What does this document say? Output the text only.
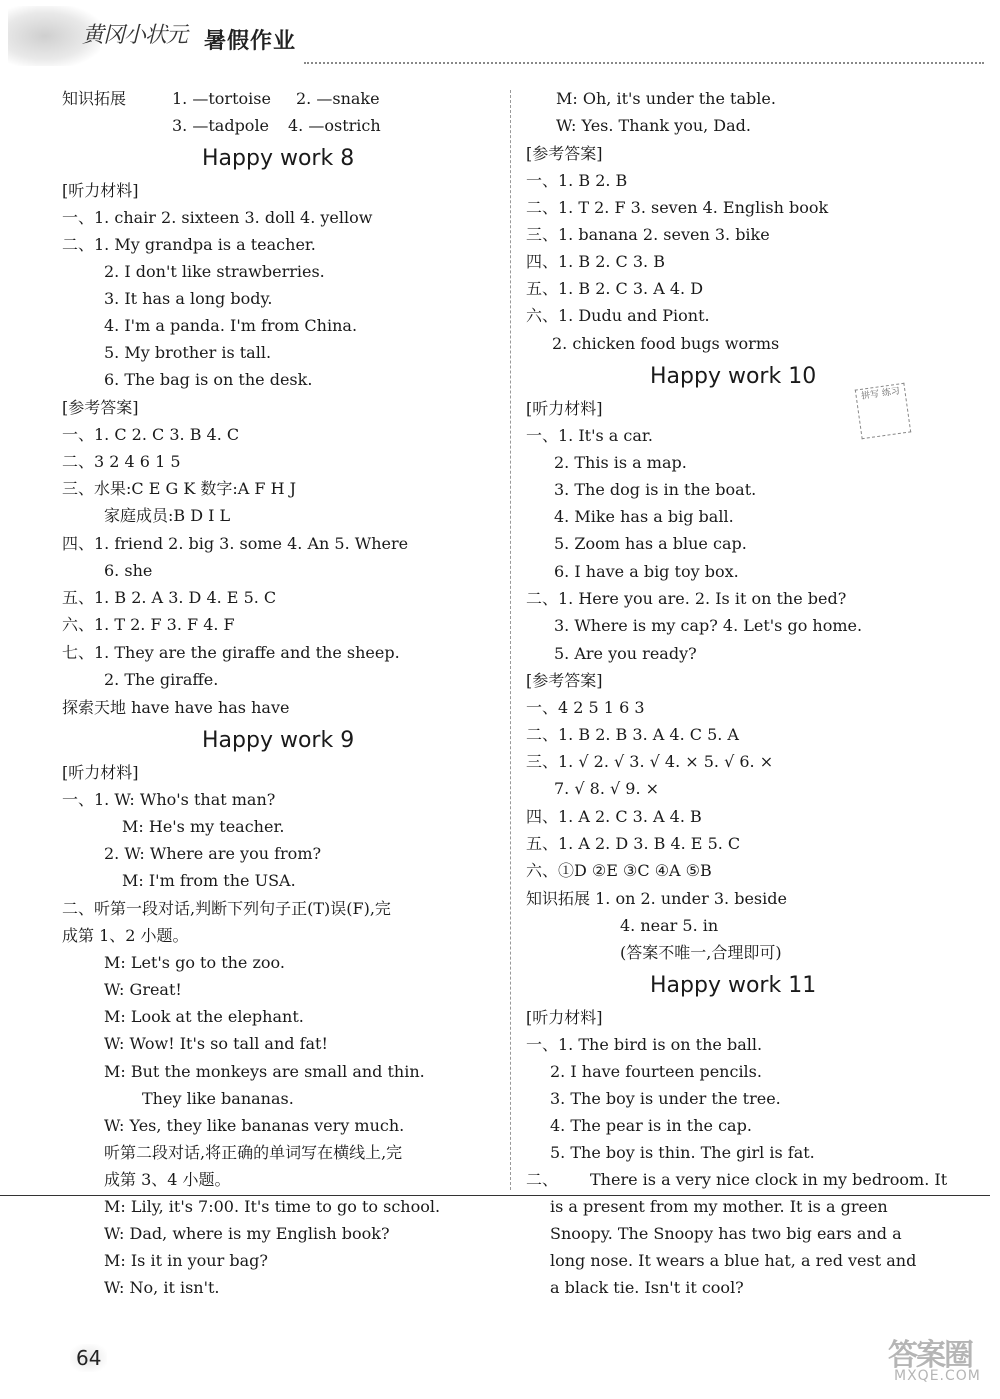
黄冈小状元 暑假作业
知识拓展	1. —tortoise 2. —snake
3. —tadpole 4. —ostrich
Happy work 8
[听力材料]
一、1. chair 2. sixteen 3. doll 4. yellow
二、1. My grandpa is a teacher.
2. I don't like strawberries.
3. It has a long body.
4. I'm a panda. I'm from China.
5. My brother is tall.
6. The bag is on the desk.
[参考答案]
一、1. C 2. C 3. B 4. C
二、3 2 4 6 1 5
三、水果:C E G K 数字:A F H J
家庭成员:B D I L
四、1. friend 2. big 3. some 4. An 5. Where
6. she
五、1. B 2. A 3. D 4. E 5. C
六、1. T 2. F 3. F 4. F
七、1. They are the giraffe and the sheep.
2. The giraffe.
探索天地 have have has have
Happy work 9
[听力材料]
一、1. W: Who's that man?
M: He's my teacher.
2. W: Where are you from?
M: I'm from the USA.
二、听第一段对话,判断下列句子正(T)误(F),完
成第 1、2 小题。
M: Let's go to the zoo.
W: Great!
M: Look at the elephant.
W: Wow! It's so tall and fat!
M: But the monkeys are small and thin.
They like bananas.
W: Yes, they like bananas very much.
听第二段对话,将正确的单词写在横线上,完
成第 3、4 小题。
M: Lily, it's 7:00. It's time to go to school.
W: Dad, where is my English book?
M: Is it in your bag?
W: No, it isn't.
M: Oh, it's under the table.
W: Yes. Thank you, Dad.
[参考答案]
一、1. B 2. B
二、1. T 2. F 3. seven 4. English book
三、1. banana 2. seven 3. bike
四、1. B 2. C 3. B
五、1. B 2. C 3. A 4. D
六、1. Dudu and Piont.
2. chicken food bugs worms
Happy work 10
拼写 练习
[听力材料]
一、1. It's a car.
2. This is a map.
3. The dog is in the boat.
4. Mike has a big ball.
5. Zoom has a blue cap.
6. I have a big toy box.
二、1. Here you are. 2. Is it on the bed?
3. Where is my cap? 4. Let's go home.
5. Are you ready?
[参考答案]
一、4 2 5 1 6 3
二、1. B 2. B 3. A 4. C 5. A
三、1. √ 2. √ 3. √ 4. × 5. √ 6. ×
7. √ 8. √ 9. ×
四、1. A 2. C 3. A 4. B
五、1. A 2. D 3. B 4. E 5. C
六、①D ②E ③C ④A ⑤B
知识拓展 1. on 2. under 3. beside
4. near 5. in
(答案不唯一,合理即可)
Happy work 11
[听力材料]
一、1. The bird is on the ball.
2. I have fourteen pencils.
3. The boy is under the tree.
4. The pear is in the cap.
5. The boy is thin. The girl is fat.
二、 There is a very nice clock in my bedroom. It
is a present from my mother. It is a green
Snoopy. The Snoopy has two big ears and a
long nose. It wears a blue hat, a red vest and
a black tie. Isn't it cool?
64	答案圈
MXQE.COM
